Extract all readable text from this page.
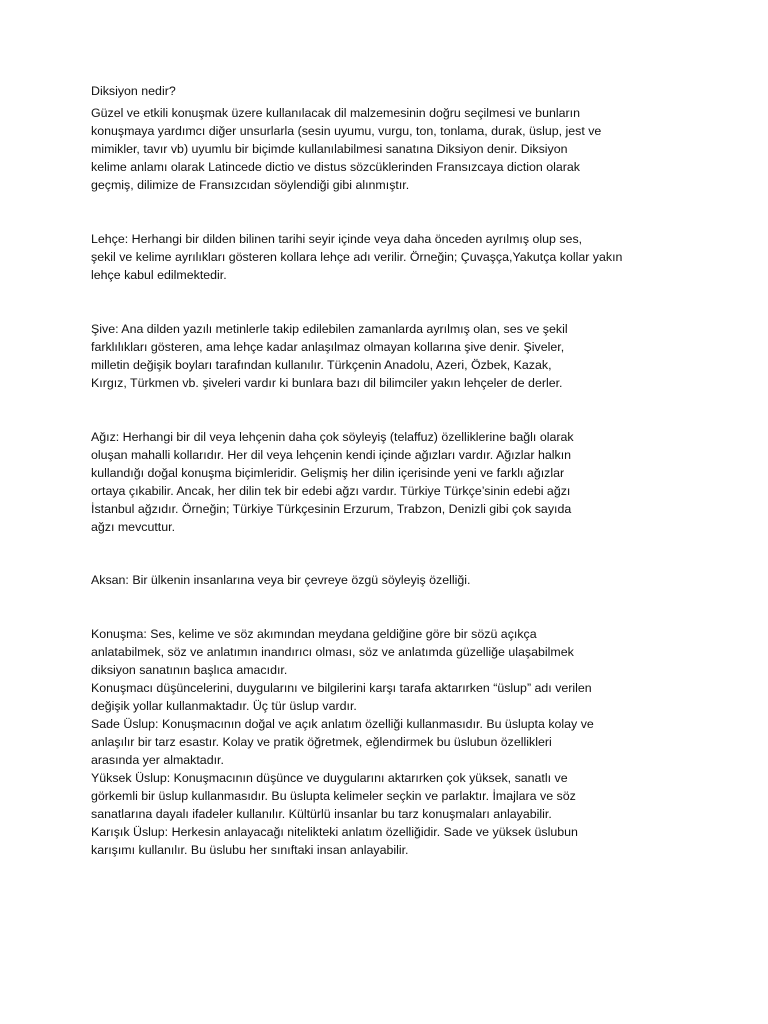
Diksiyon nedir?
Güzel ve etkili konuşmak üzere kullanılacak dil malzemesinin doğru seçilmesi ve bunların
konuşmaya yardımcı diğer unsurlarla (sesin uyumu, vurgu, ton, tonlama, durak, üslup, jest ve
mimikler, tavır vb) uyumlu bir biçimde kullanılabilmesi sanatına Diksiyon denir. Diksiyon
kelime anlamı olarak Latincede dictio ve distus sözcüklerinden Fransızcaya diction olarak
geçmiş, dilimize de Fransızcıdan söylendiği gibi alınmıştır.
Lehçe: Herhangi bir dilden bilinen tarihi seyir içinde veya daha önceden ayrılmış olup ses,
şekil ve kelime ayrılıkları gösteren kollara lehçe adı verilir. Örneğin; Çuvaşça,Yakutça kollar yakın
lehçe kabul edilmektedir.
Şive: Ana dilden yazılı metinlerle takip edilebilen zamanlarda ayrılmış olan, ses ve şekil
farklılıkları gösteren, ama lehçe kadar anlaşılmaz olmayan kollarına şive denir. Şiveler,
milletin değişik boyları tarafından kullanılır. Türkçenin Anadolu, Azeri, Özbek, Kazak,
Kırgız, Türkmen vb. şiveleri vardır ki bunlara bazı dil bilimciler yakın lehçeler de derler.
Ağız: Herhangi bir dil veya lehçenin daha çok söyleyiş (telaffuz) özelliklerine bağlı olarak
oluşan mahalli kollarıdır. Her dil veya lehçenin kendi içinde ağızları vardır. Ağızlar halkın
kullandığı doğal konuşma biçimleridir. Gelişmiş her dilin içerisinde yeni ve farklı ağızlar
ortaya çıkabilir. Ancak, her dilin tek bir edebi ağzı vardır. Türkiye Türkçe’sinin edebi ağzı
İstanbul ağzıdır. Örneğin; Türkiye Türkçesinin Erzurum, Trabzon, Denizli gibi çok sayıda
ağzı mevcuttur.
Aksan: Bir ülkenin insanlarına veya bir çevreye özgü söyleyiş özelliği.
Konuşma: Ses, kelime ve söz akımından meydana geldiğine göre bir sözü açıkça
anlatabilmek, söz ve anlatımın inandırıcı olması, söz ve anlatımda güzelliğe ulaşabilmek
diksiyon sanatının başlıca amacıdır.
Konuşmacı düşüncelerini, duygularını ve bilgilerini karşı tarafa aktarırken “üslup” adı verilen
değişik yollar kullanmaktadır. Üç tür üslup vardır.
Sade Üslup: Konuşmacının doğal ve açık anlatım özelliği kullanmasıdır. Bu üslupta kolay ve
anlaşılır bir tarz esastır. Kolay ve pratik öğretmek, eğlendirmek bu üslubun özellikleri
arasında yer almaktadır.
Yüksek Üslup: Konuşmacının düşünce ve duygularını aktarırken çok yüksek, sanatlı ve
görkemli bir üslup kullanmasıdır. Bu üslupta kelimeler seçkin ve parlaktır. İmajlara ve söz
sanatlarına dayalı ifadeler kullanılır. Kültürlü insanlar bu tarz konuşmaları anlayabilir.
Karışık Üslup: Herkesin anlayacağı nitelikteki anlatım özelliğidir. Sade ve yüksek üslubun
karışımı kullanılır. Bu üslubu her sınıftaki insan anlayabilir.
